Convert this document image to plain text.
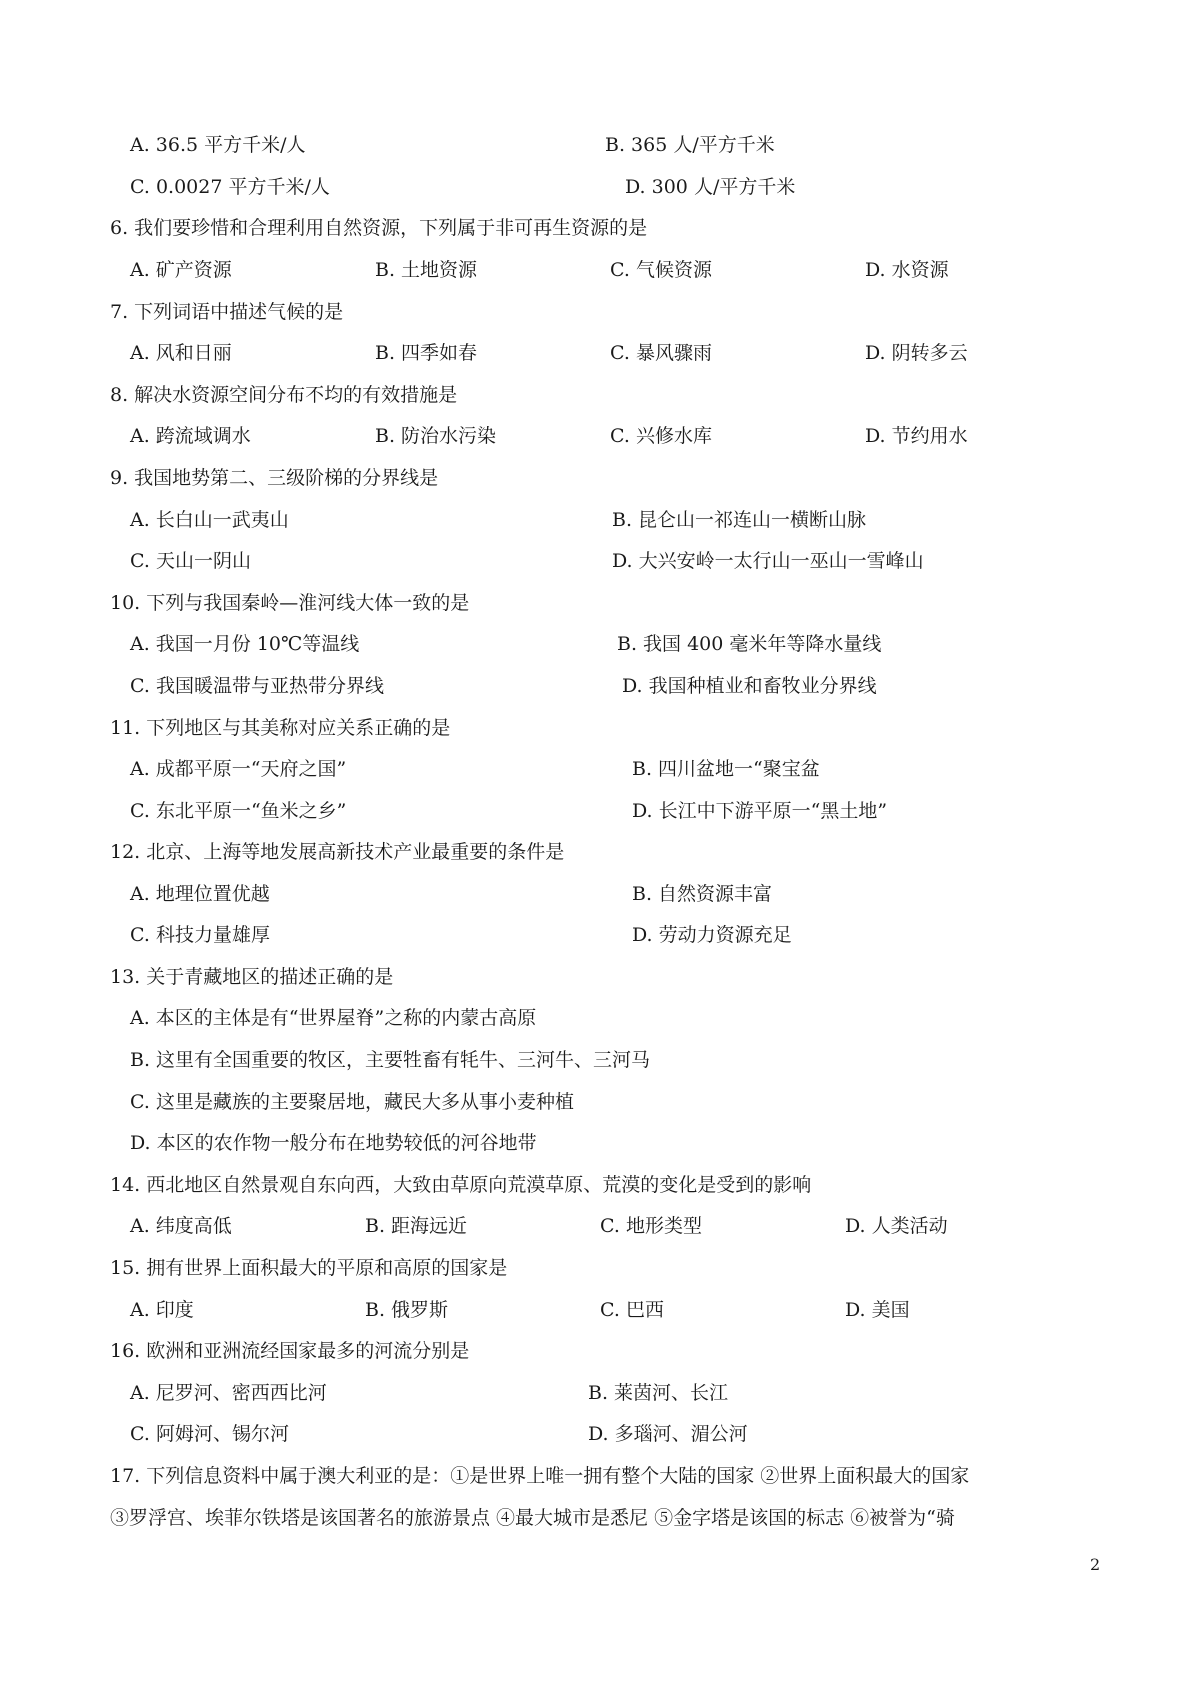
A. 36.5 平方千米/人	B. 365 人/平方千米
C. 0.0027 平方千米/人	D. 300 人/平方千米
6. 我们要珍惜和合理利用自然资源，下列属于非可再生资源的是
A. 矿产资源	B. 土地资源	C. 气候资源	D. 水资源
7. 下列词语中描述气候的是
A. 风和日丽	B. 四季如春	C. 暴风骤雨	D. 阴转多云
8. 解决水资源空间分布不均的有效措施是
A. 跨流域调水	B. 防治水污染	C. 兴修水库	D. 节约用水
9. 我国地势第二、三级阶梯的分界线是
A. 长白山一武夷山	B. 昆仑山一祁连山一横断山脉
C. 天山一阴山	D. 大兴安岭一太行山一巫山一雪峰山
10. 下列与我国秦岭—淮河线大体一致的是
A. 我国一月份 10℃等温线	B. 我国 400 毫米年等降水量线
C. 我国暖温带与亚热带分界线	D. 我国种植业和畜牧业分界线
11. 下列地区与其美称对应关系正确的是
A. 成都平原一“天府之国”	B. 四川盆地一“聚宝盆
C. 东北平原一“鱼米之乡”	D. 长江中下游平原一“黑土地”
12. 北京、上海等地发展高新技术产业最重要的条件是
A. 地理位置优越	B. 自然资源丰富
C. 科技力量雄厚	D. 劳动力资源充足
13. 关于青藏地区的描述正确的是
A. 本区的主体是有“世界屋脊”之称的内蒙古高原
B. 这里有全国重要的牧区，主要牲畜有牦牛、三河牛、三河马
C. 这里是藏族的主要聚居地，藏民大多从事小麦种植
D. 本区的农作物一般分布在地势较低的河谷地带
14. 西北地区自然景观自东向西，大致由草原向荒漠草原、荒漠的变化是受到的影响
A. 纬度高低	B. 距海远近	C. 地形类型	D. 人类活动
15. 拥有世界上面积最大的平原和高原的国家是
A. 印度	B. 俄罗斯	C. 巴西	D. 美国
16. 欧洲和亚洲流经国家最多的河流分别是
A. 尼罗河、密西西比河	B. 莱茵河、长江
C. 阿姆河、锡尔河	D. 多瑙河、湄公河
17. 下列信息资料中属于澳大利亚的是：①是世界上唯一拥有整个大陆的国家 ②世界上面积最大的国家
③罗浮宫、埃菲尔铁塔是该国著名的旅游景点 ④最大城市是悉尼 ⑤金字塔是该国的标志 ⑥被誉为“骑
2
